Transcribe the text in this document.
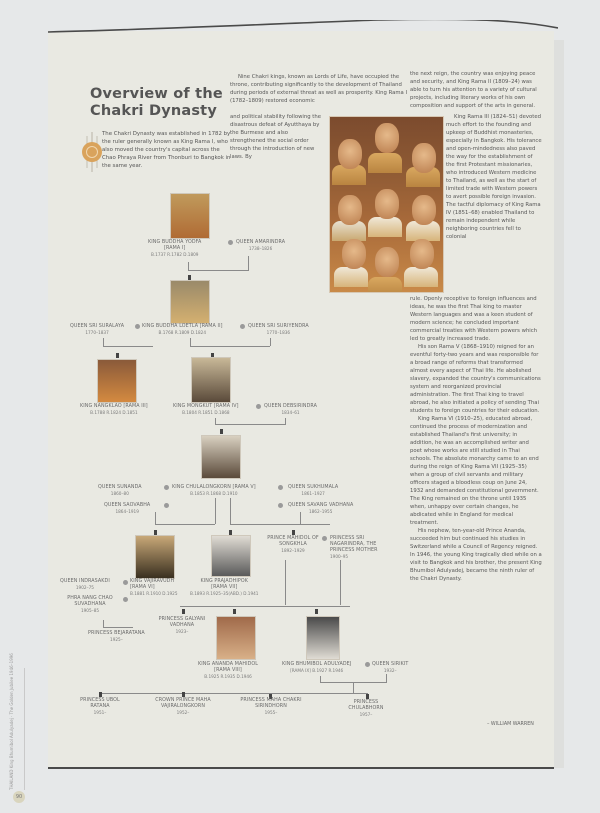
Overview of the
Chakri Dynasty
The Chakri Dynasty was established in 1782 by the ruler generally known as King Rama I, who also moved the country's capital across the Chao Phraya River from Thonburi to Bangkok in the same year.

Nine Chakri kings, known as Lords of Life, have occupied the throne, contributing significantly to the development of Thailand during periods of external threat as well as prosperity. King Rama I (1782–1809) restored economic

and political stability following the disastrous defeat of Ayutthaya by the Burmese and also strengthened the social order through the introduction of new laws. By
the next reign, the country was enjoying peace and security, and King Rama II (1809–24) was able to turn his attention to a variety of cultural projects, including literary works of his own composition and support of the arts in general.

King Rama III (1824–51) devoted much effort to the founding and upkeep of Buddhist monasteries, especially in Bangkok. His tolerance and open-mindedness also paved the way for the establishment of the first Protestant missionaries, who introduced Western medicine to Thailand, as well as the start of limited trade with Western powers to avert possible foreign invasion. The tactful diplomacy of King Rama IV (1851–68) enabled Thailand to remain independent while neighboring countries fell to colonial

rule. Openly receptive to foreign influences and ideas, he was the first Thai king to master Western languages and was a keen student of modern science; he concluded important commercial treaties with Western powers which led to greatly increased trade.

His son Rama V (1868–1910) reigned for an eventful forty-two years and was responsible for a broad range of reforms that transformed almost every aspect of Thai life. He abolished slavery, expanded the country's communications system and reorganized provincial administration. The first Thai king to travel abroad, he also initiated a policy of sending Thai students to foreign countries for their education.

King Rama VI (1910–25), educated abroad, continued the process of modernization and established Thailand's first university; in addition, he was an accomplished writer and poet whose works are still studied in Thai schools. The absolute monarchy came to an end during the reign of King Rama VII (1925–35) when a group of civil servants and military officers staged a bloodless coup on June 24, 1932 and demanded constitutional government. The King remained on the throne until 1935 when, unhappy over certain changes, he abdicated while in England for medical treatment.

His nephew, ten-year-old Prince Ananda, succeeded him but continued his studies in Switzerland while a Council of Regency reigned. In 1946, the young King tragically died while on a visit to Bangkok and his brother, the present King Bhumibol Adulyadej, became the ninth ruler of the Chakri Dynasty.

– WILLIAM WARREN
KING BUDDHA YODFA
[RAMA I]
B.1737 R.1782 D.1809
QUEEN AMARINDRA
1738–1826
QUEEN SRI SURALAYA
1770–1837
KING BUDDHA LOETLA [RAMA II]
B.1768 R.1809 D.1824
QUEEN SRI SURIYENDRA
1770–1836
KING NANGKLAO [RAMA III]
B.1788 R.1824 D.1851
KING MONGKUT [RAMA IV]
B.1804 R.1851 D.1868
QUEEN DEBSIRINDRA
1834–61
QUEEN SUNANDA
1860–80
KING CHULALONGKORN [RAMA V]
B.1853 R.1868 D.1910
QUEEN SUKHUMALA
1861–1927
QUEEN SAOVABHA
1864–1919
QUEEN SAVANG VADHANA
1862–1955
PRINCE MAHIDOL OF SONGKHLA
1892–1929
PRINCESS SRI NAGARINDRA, THE PRINCESS MOTHER
1900–95
QUEEN INDRASAKDI
1902–75
KING VAJIRAVUDH
[RAMA VI]
B.1881 R.1910 D.1925
PHRA NANG CHAO SUVADHANA
1905–85
KING PRAJADHIPOK
[RAMA VII]
B.1893 R.1925–35(ABD.) D.1941
PRINCESS BEJARATANA
1925–
PRINCESS GALYANI VADHANA
1923–
KING ANANDA MAHIDOL
[RAMA VIII]
B.1925 R.1935 D.1946
KING BHUMIBOL ADULYADEJ
[RAMA IX] B.1927 R.1946
QUEEN SIRIKIT
1932–
PRINCESS UBOL RATANA
1951–
CROWN PRINCE MAHA VAJIRALONGKORN
1952–
PRINCESS MAHA CHAKRI SIRINDHORN
1955–
PRINCESS CHULABHORN
1957–
THAILAND King Bhumibol Adulyadej · The Golden Jubilee 1946–1996
90
